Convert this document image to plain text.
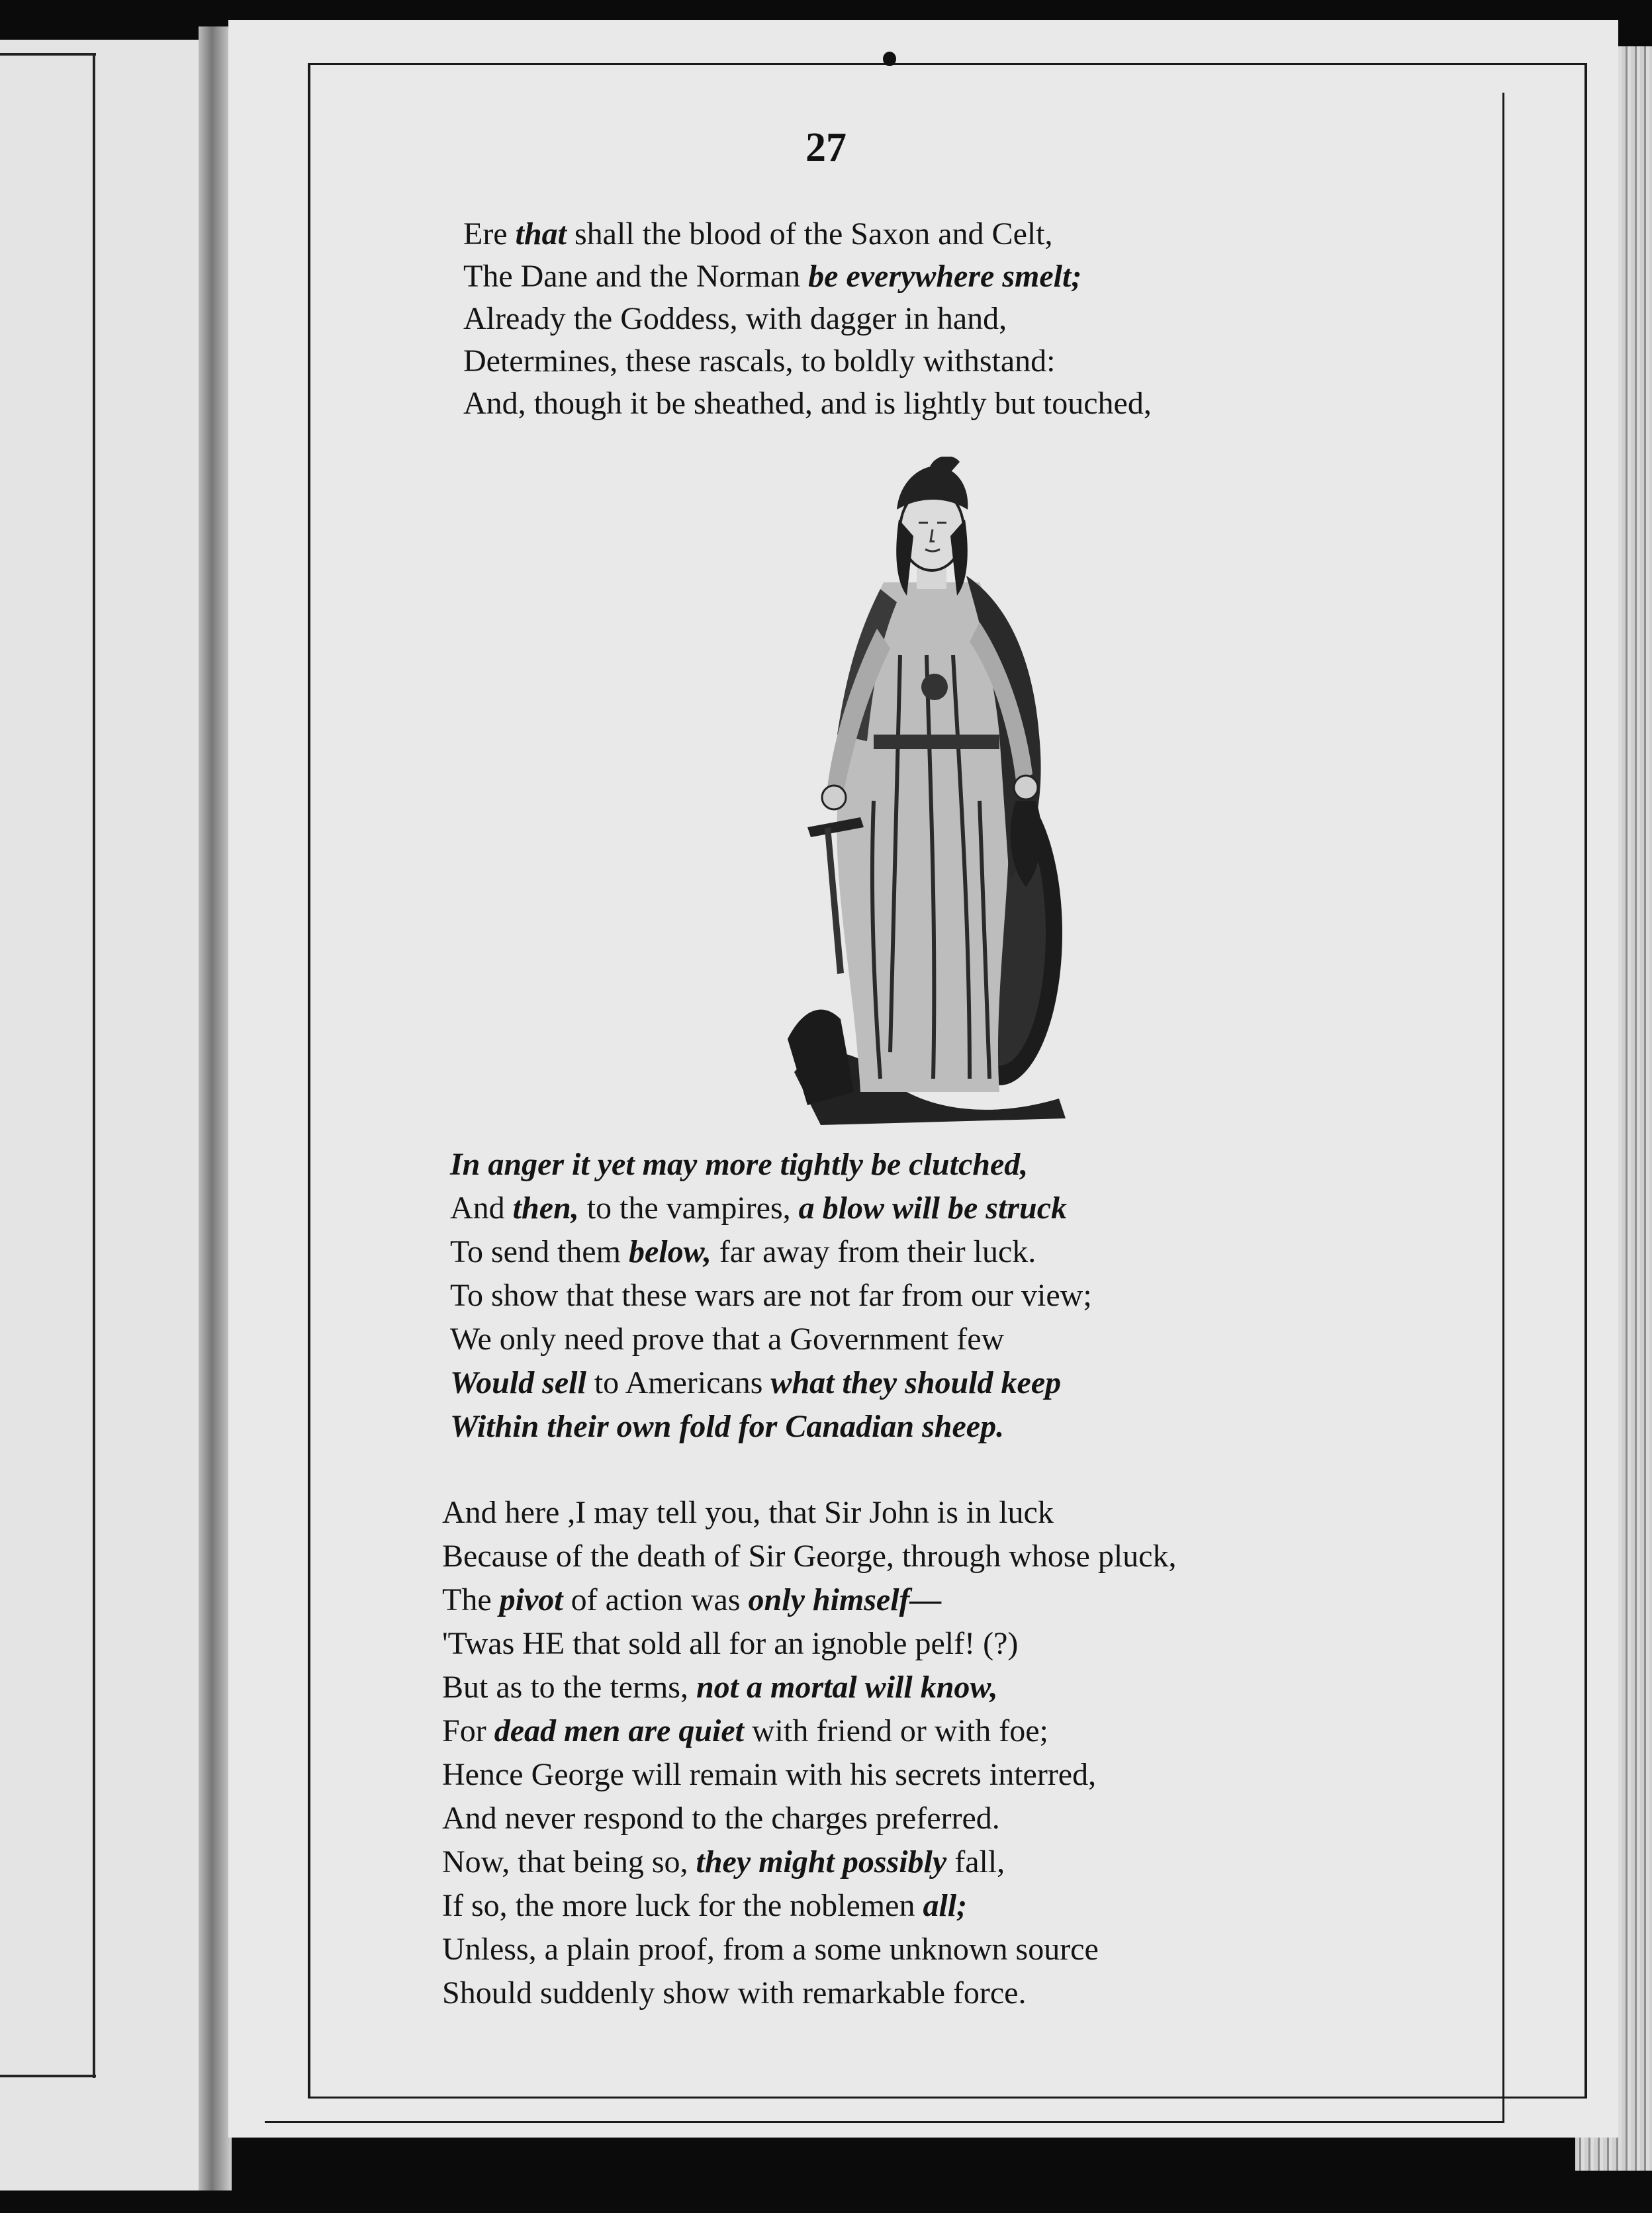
27
Ere that shall the blood of the Saxon and Celt,
The Dane and the Norman be everywhere smelt;
Already the Goddess, with dagger in hand,
Determines, these rascals, to boldly withstand:
And, though it be sheathed, and is lightly but touched,
In anger it yet may more tightly be clutched,
And then, to the vampires, a blow will be struck
To send them below, far away from their luck.
To show that these wars are not far from our view;
We only need prove that a Government few
Would sell to Americans what they should keep
Within their own fold for Canadian sheep.
And here ,I may tell you, that Sir John is in luck
Because of the death of Sir George, through whose pluck,
The pivot of action was only himself—
'Twas HE that sold all for an ignoble pelf! (?)
But as to the terms, not a mortal will know,
For dead men are quiet with friend or with foe;
Hence George will remain with his secrets interred,
And never respond to the charges preferred.
Now, that being so, they might possibly fall,
If so, the more luck for the noblemen all;
Unless, a plain proof, from a some unknown source
Should suddenly show with remarkable force.
